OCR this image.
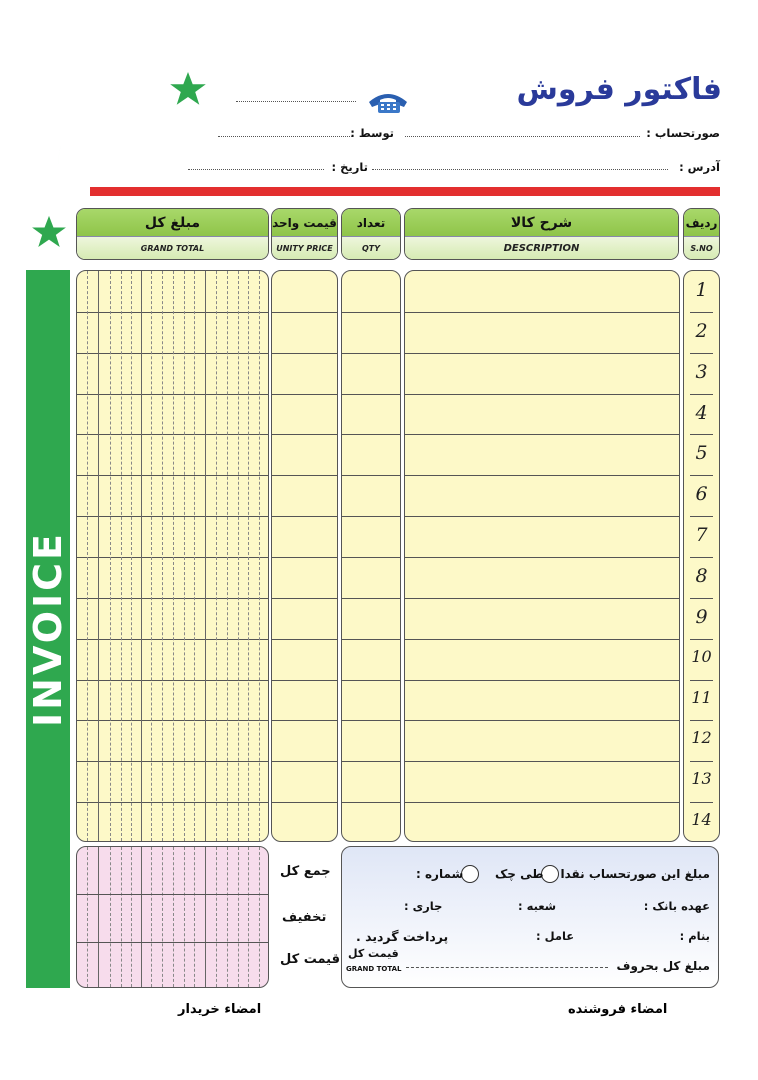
فاکتور فروش
صورتحساب :
توسط :
آدرس :
تاریخ :
INVOICE
ردیف
S.NO
شرح کالا
DESCRIPTION
تعداد
QTY
قیمت واحد
UNITY PRICE
مبلغ کل
GRAND TOTAL
1
2
3
4
5
6
7
8
9
10
11
12
13
14
جمع کل
تخفیف
قیمت کل
مبلغ این صورتحساب نقدا
طی چک
شماره :
عهده بانک :
شعبه :
جاری :
بنام :
عامل :
پرداخت گردید .
قیمت کل
GRAND TOTAL	مبلغ کل بحروف
امضاء فروشنده
امضاء خریدار
